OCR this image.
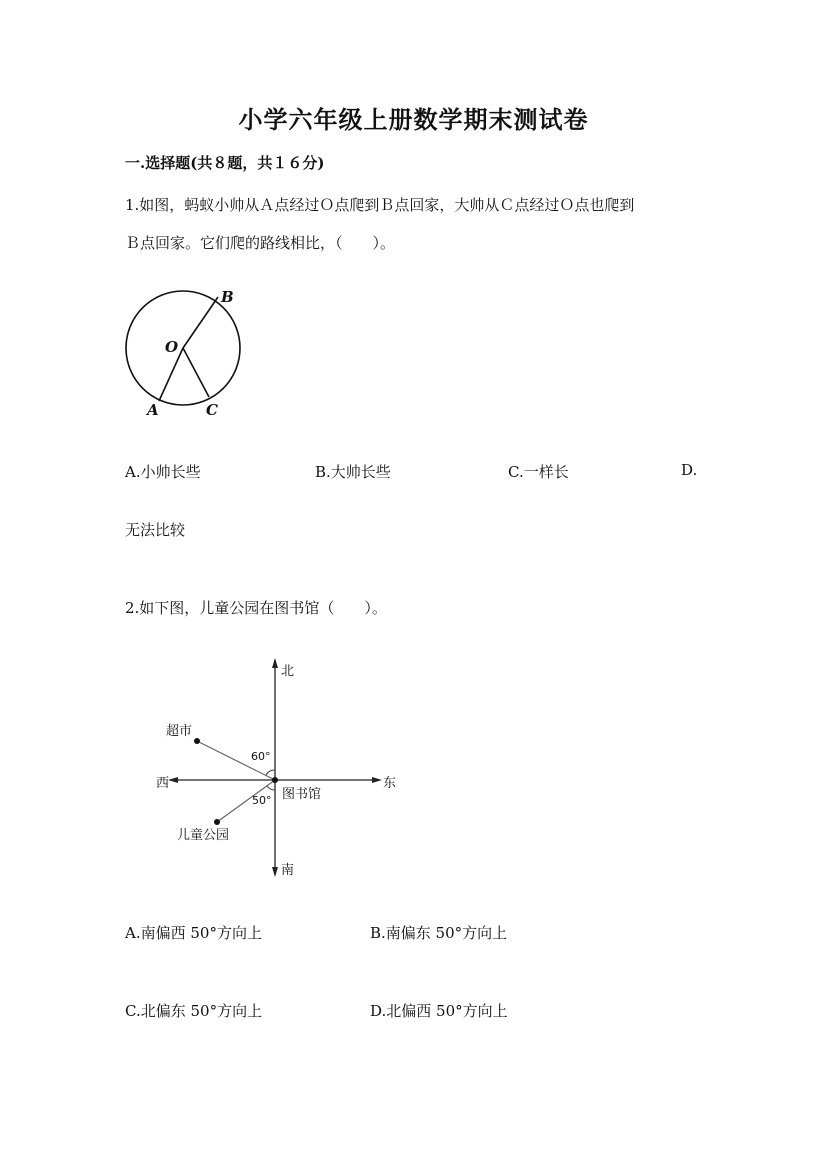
小学六年级上册数学期末测试卷
一.选择题(共８题，共１６分)
1.如图，蚂蚁小帅从Ａ点经过Ｏ点爬到Ｂ点回家，大帅从Ｃ点经过Ｏ点也爬到
Ｂ点回家。它们爬的路线相比，（　　）。
B
O
A	C
A.小帅长些	B.大帅长些	C.一样长	D.
无法比较
2.如下图，儿童公园在图书馆（　　）。
北
南
东
西
图书馆
超市
儿童公园
60°
50°
A.南偏西 50°方向上	B.南偏东 50°方向上
C.北偏东 50°方向上	D.北偏西 50°方向上
